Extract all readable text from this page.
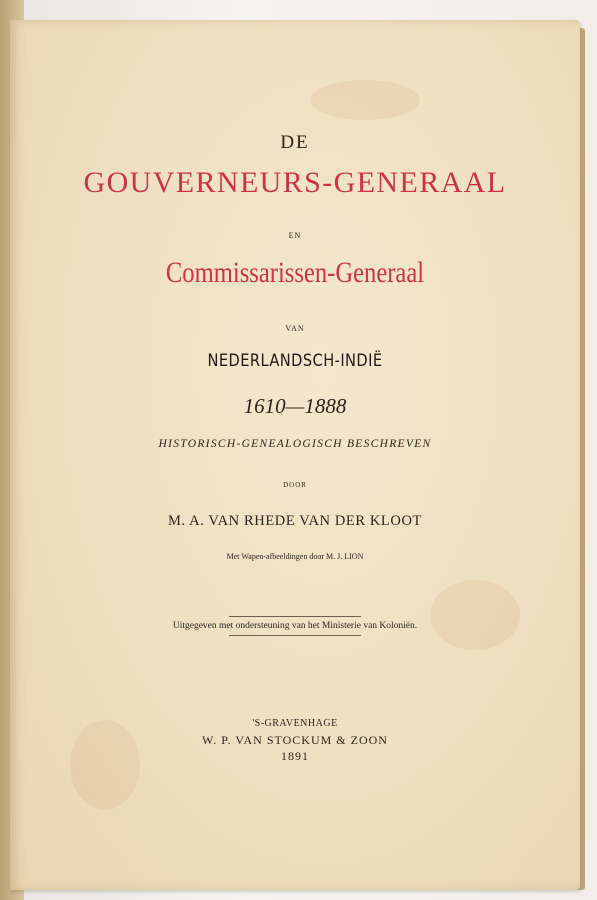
DE
GOUVERNEURS-GENERAAL
EN
Commissarissen-Generaal
VAN
NEDERLANDSCH-INDIË
1610—1888
HISTORISCH-GENEALOGISCH BESCHREVEN
DOOR
M. A. VAN RHEDE VAN DER KLOOT
Met Wapen-afbeeldingen door M. J. LION
Uitgegeven met ondersteuning van het Ministerie van Koloniën.
'S-GRAVENHAGE
W. P. VAN STOCKUM & ZOON
1891
